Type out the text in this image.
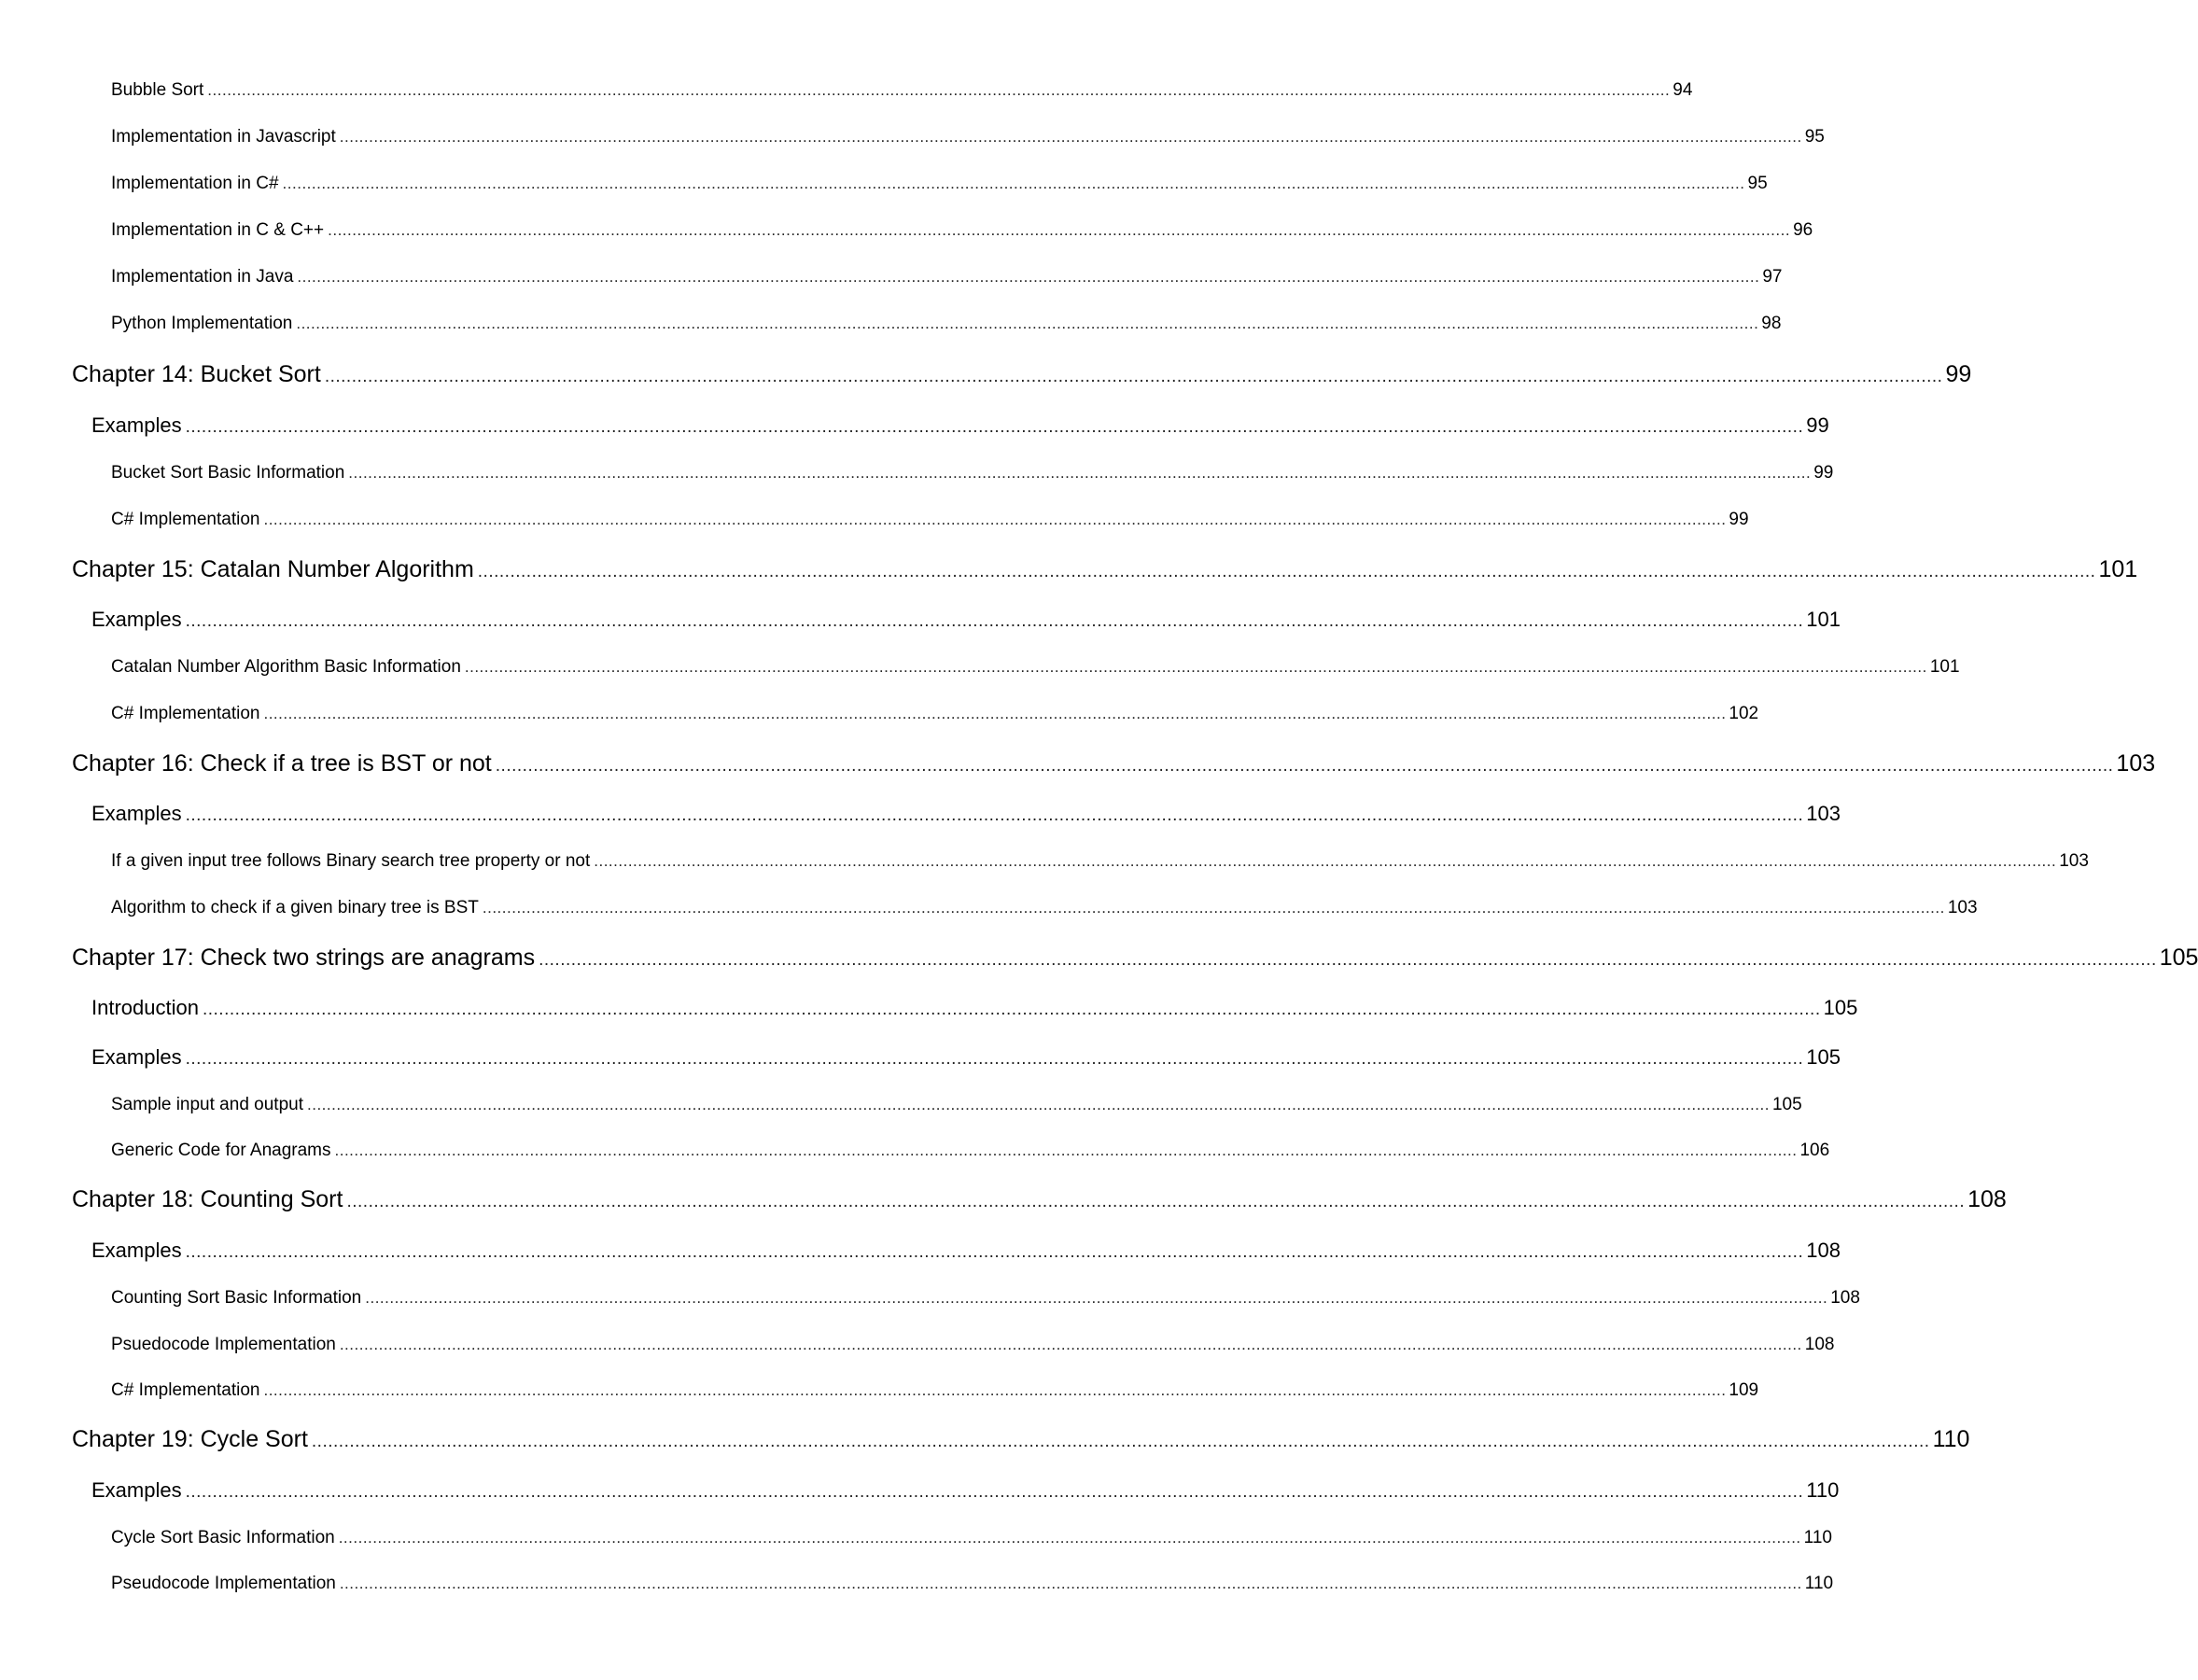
Bubble Sort ............................................................................................................................................................................................................................................................................................................ 94
Implementation in Javascript ............................................................................................................................................................................................................................................................................................................ 95
Implementation in C# ............................................................................................................................................................................................................................................................................................................ 95
Implementation in C & C++ ............................................................................................................................................................................................................................................................................................................ 96
Implementation in Java ............................................................................................................................................................................................................................................................................................................ 97
Python Implementation ............................................................................................................................................................................................................................................................................................................ 98
Chapter 14: Bucket Sort ............................................................................................................................................................................................................................................................................................................ 99
Examples ............................................................................................................................................................................................................................................................................................................ 99
Bucket Sort Basic Information ............................................................................................................................................................................................................................................................................................................ 99
C# Implementation ............................................................................................................................................................................................................................................................................................................ 99
Chapter 15: Catalan Number Algorithm ............................................................................................................................................................................................................................................................................................................ 101
Examples ............................................................................................................................................................................................................................................................................................................ 101
Catalan Number Algorithm Basic Information ............................................................................................................................................................................................................................................................................................................ 101
C# Implementation ............................................................................................................................................................................................................................................................................................................ 102
Chapter 16: Check if a tree is BST or not ............................................................................................................................................................................................................................................................................................................ 103
Examples ............................................................................................................................................................................................................................................................................................................ 103
If a given input tree follows Binary search tree property or not ............................................................................................................................................................................................................................................................................................................ 103
Algorithm to check if a given binary tree is BST ............................................................................................................................................................................................................................................................................................................ 103
Chapter 17: Check two strings are anagrams ............................................................................................................................................................................................................................................................................................................ 105
Introduction ............................................................................................................................................................................................................................................................................................................ 105
Examples ............................................................................................................................................................................................................................................................................................................ 105
Sample input and output ............................................................................................................................................................................................................................................................................................................ 105
Generic Code for Anagrams ............................................................................................................................................................................................................................................................................................................ 106
Chapter 18: Counting Sort ............................................................................................................................................................................................................................................................................................................ 108
Examples ............................................................................................................................................................................................................................................................................................................ 108
Counting Sort Basic Information ............................................................................................................................................................................................................................................................................................................ 108
Psuedocode Implementation ............................................................................................................................................................................................................................................................................................................ 108
C# Implementation ............................................................................................................................................................................................................................................................................................................ 109
Chapter 19: Cycle Sort ............................................................................................................................................................................................................................................................................................................ 110
Examples ............................................................................................................................................................................................................................................................................................................ 110
Cycle Sort Basic Information ............................................................................................................................................................................................................................................................................................................ 110
Pseudocode Implementation ............................................................................................................................................................................................................................................................................................................ 110
